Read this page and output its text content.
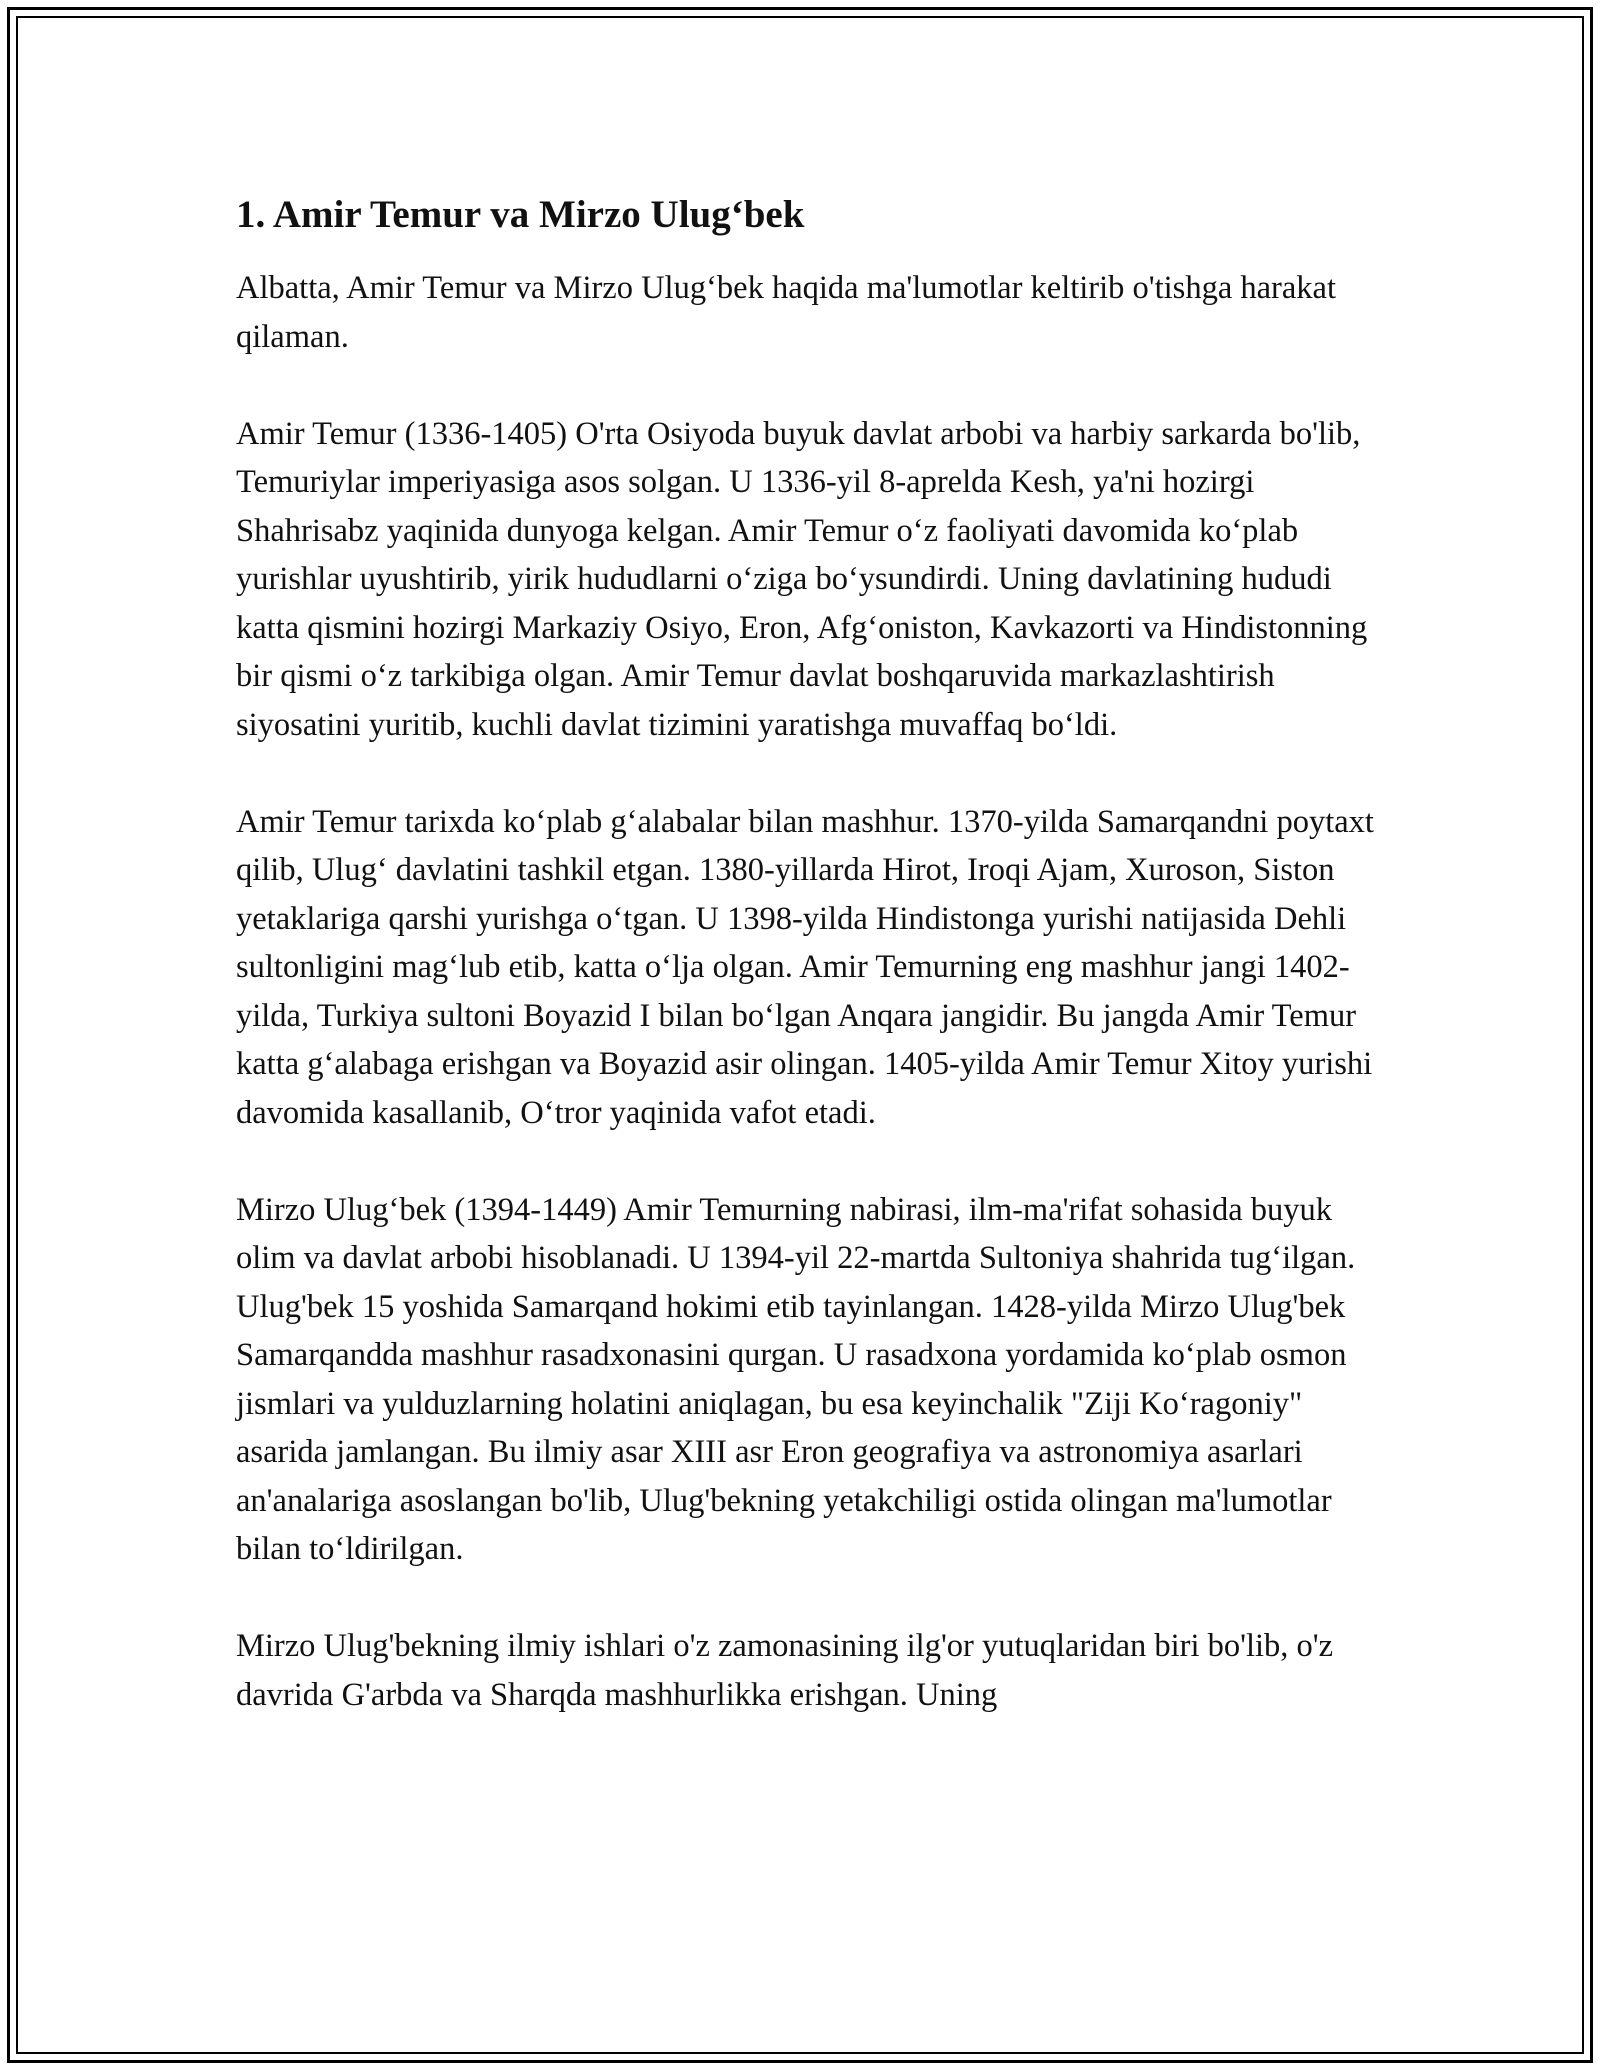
1. Amir Temur va Mirzo Ulug‘bek

Albatta, Amir Temur va Mirzo Ulug‘bek haqida ma'lumotlar keltirib o'tishga harakat qilaman.

Amir Temur (1336-1405) O'rta Osiyoda buyuk davlat arbobi va harbiy sarkarda bo'lib, Temuriylar imperiyasiga asos solgan. U 1336-yil 8-aprelda Kesh, ya'ni hozirgi Shahrisabz yaqinida dunyoga kelgan. Amir Temur o‘z faoliyati davomida ko‘plab yurishlar uyushtirib, yirik hududlarni o‘ziga bo‘ysundirdi. Uning davlatining hududi katta qismini hozirgi Markaziy Osiyo, Eron, Afg‘oniston, Kavkazorti va Hindistonning bir qismi o‘z tarkibiga olgan. Amir Temur davlat boshqaruvida markazlashtirish siyosatini yuritib, kuchli davlat tizimini yaratishga muvaffaq bo‘ldi.

Amir Temur tarixda ko‘plab g‘alabalar bilan mashhur. 1370-yilda Samarqandni poytaxt qilib, Ulug‘ davlatini tashkil etgan. 1380-yillarda Hirot, Iroqi Ajam, Xuroson, Siston yetaklariga qarshi yurishga o‘tgan. U 1398-yilda Hindistonga yurishi natijasida Dehli sultonligini mag‘lub etib, katta o‘lja olgan. Amir Temurning eng mashhur jangi 1402-yilda, Turkiya sultoni Boyazid I bilan bo‘lgan Anqara jangidir. Bu jangda Amir Temur katta g‘alabaga erishgan va Boyazid asir olingan. 1405-yilda Amir Temur Xitoy yurishi davomida kasallanib, O‘tror yaqinida vafot etadi.

Mirzo Ulug‘bek (1394-1449) Amir Temurning nabirasi, ilm-ma'rifat sohasida buyuk olim va davlat arbobi hisoblanadi. U 1394-yil 22-martda Sultoniya shahrida tug‘ilgan. Ulug'bek 15 yoshida Samarqand hokimi etib tayinlangan. 1428-yilda Mirzo Ulug'bek Samarqandda mashhur rasadxonasini qurgan. U rasadxona yordamida ko‘plab osmon jismlari va yulduzlarning holatini aniqlagan, bu esa keyinchalik "Ziji Ko‘ragoniy" asarida jamlangan. Bu ilmiy asar XIII asr Eron geografiya va astronomiya asarlari an'analariga asoslangan bo'lib, Ulug'bekning yetakchiligi ostida olingan ma'lumotlar bilan to‘ldirilgan.

Mirzo Ulug'bekning ilmiy ishlari o'z zamonasining ilg'or yutuqlaridan biri bo'lib, o'z davrida G'arbda va Sharqda mashhurlikka erishgan. Uning
